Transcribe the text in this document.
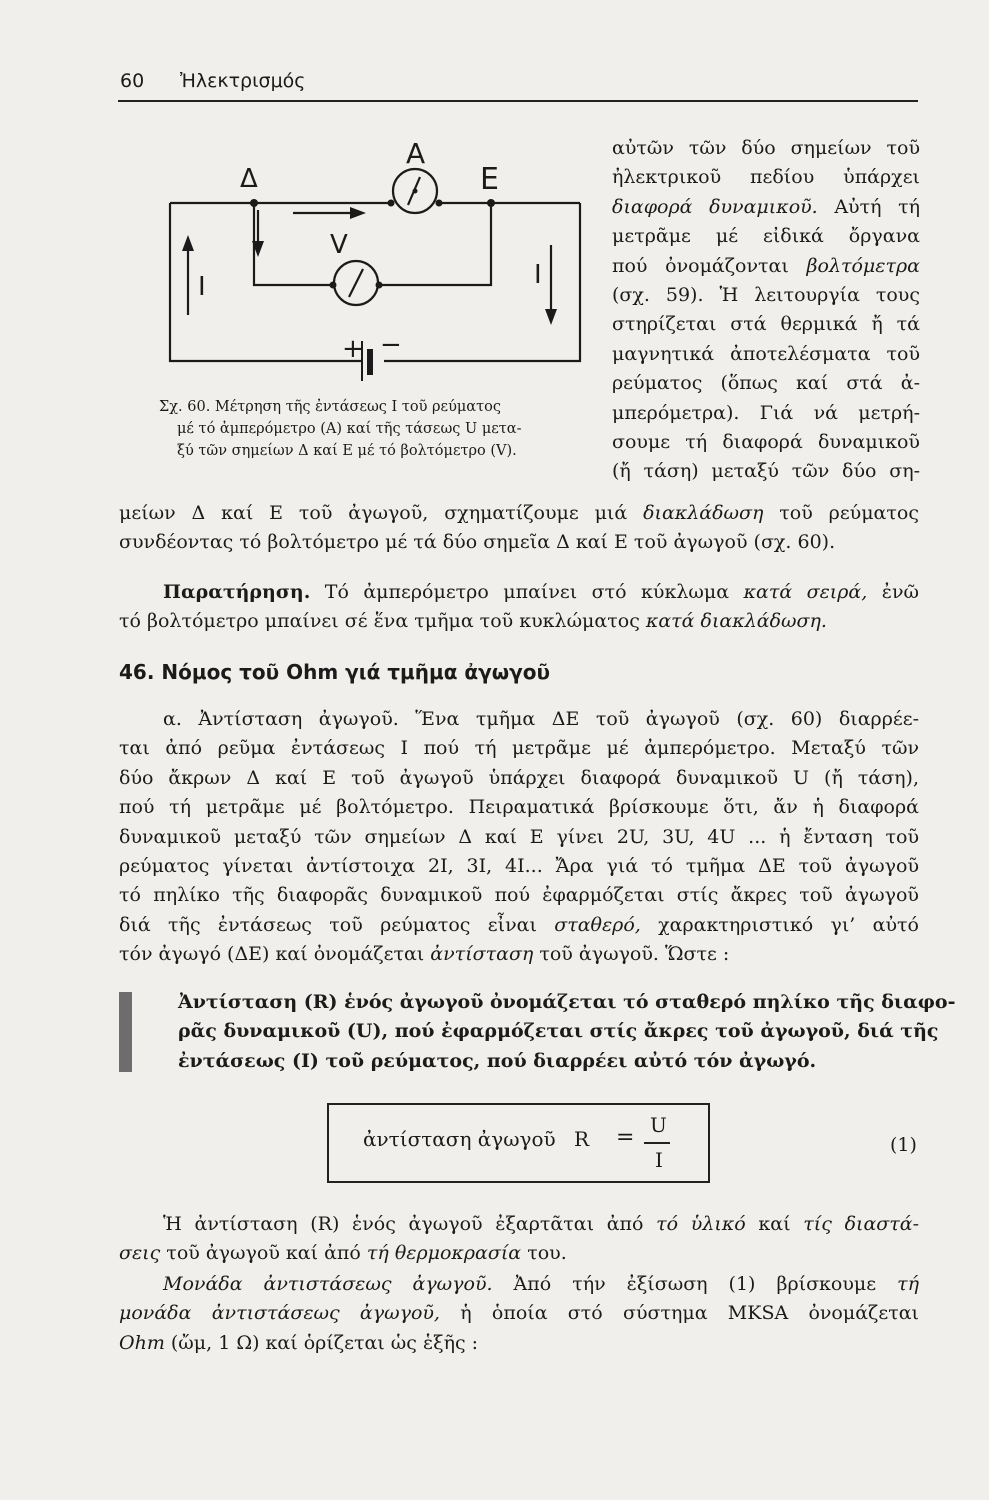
60 Ἠλεκτρισμός
Δ
A
Ε
V
I	I
+ −
Σχ. 60. Μέτρηση τῆς ἐντάσεως I τοῦ ρεύματος
μέ τό ἀμπερόμετρο (A) καί τῆς τάσεως U μετα-
ξύ τῶν σημείων Δ καί Ε μέ τό βολτόμετρο (V).
αὐτῶν τῶν δύο σημείων τοῦ
ἠλεκτρικοῦ πεδίου ὑπάρχει
διαφορά δυναμικοῦ. Αὐτή τή
μετρᾶμε μέ εἰδικά ὄργανα
πού ὀνομάζονται βολτόμετρα
(σχ. 59). Ἡ λειτουργία τους
στηρίζεται στά θερμικά ἤ τά
μαγνητικά ἀποτελέσματα τοῦ
ρεύματος (ὅπως καί στά ἀ-
μπερόμετρα). Γιά νά μετρή-
σουμε τή διαφορά δυναμικοῦ
(ἤ τάση) μεταξύ τῶν δύο ση-
μείων Δ καί Ε τοῦ ἀγωγοῦ, σχηματίζουμε μιά διακλάδωση τοῦ ρεύματος
συνδέοντας τό βολτόμετρο μέ τά δύο σημεῖα Δ καί Ε τοῦ ἀγωγοῦ (σχ. 60).
Παρατήρηση. Τό ἀμπερόμετρο μπαίνει στό κύκλωμα κατά σειρά, ἐνῶ
τό βολτόμετρο μπαίνει σέ ἕνα τμῆμα τοῦ κυκλώματος κατά διακλάδωση.
46. Νόμος τοῦ Ohm γιά τμῆμα ἀγωγοῦ
α. Ἀντίσταση ἀγωγοῦ. Ἕνα τμῆμα ΔΕ τοῦ ἀγωγοῦ (σχ. 60) διαρρέε-
ται ἀπό ρεῦμα ἐντάσεως I πού τή μετρᾶμε μέ ἀμπερόμετρο. Μεταξύ τῶν
δύο ἄκρων Δ καί Ε τοῦ ἀγωγοῦ ὑπάρχει διαφορά δυναμικοῦ U (ἤ τάση),
πού τή μετρᾶμε μέ βολτόμετρο. Πειραματικά βρίσκουμε ὅτι, ἄν ἡ διαφορά
δυναμικοῦ μεταξύ τῶν σημείων Δ καί Ε γίνει 2U, 3U, 4U ... ἡ ἔνταση τοῦ
ρεύματος γίνεται ἀντίστοιχα 2I, 3I, 4I... Ἄρα γιά τό τμῆμα ΔΕ τοῦ ἀγωγοῦ
τό πηλίκο τῆς διαφορᾶς δυναμικοῦ πού ἐφαρμόζεται στίς ἄκρες τοῦ ἀγωγοῦ
διά τῆς ἐντάσεως τοῦ ρεύματος εἶναι σταθερό, χαρακτηριστικό γι’ αὐτό
τόν ἀγωγό (ΔΕ) καί ὀνομάζεται ἀντίσταση τοῦ ἀγωγοῦ. Ὥστε :
Ἀντίσταση (R) ἑνός ἀγωγοῦ ὀνομάζεται τό σταθερό πηλίκο τῆς διαφο-
ρᾶς δυναμικοῦ (U), πού ἐφαρμόζεται στίς ἄκρες τοῦ ἀγωγοῦ, διά τῆς
ἐντάσεως (I) τοῦ ρεύματος, πού διαρρέει αὐτό τόν ἀγωγό.
ἀντίσταση ἀγωγοῦ R = U
I
(1)
Ἡ ἀντίσταση (R) ἑνός ἀγωγοῦ ἐξαρτᾶται ἀπό τό ὑλικό καί τίς διαστά-
σεις τοῦ ἀγωγοῦ καί ἀπό τή θερμοκρασία του.
Μονάδα ἀντιστάσεως ἀγωγοῦ. Ἀπό τήν ἐξίσωση (1) βρίσκουμε τή
μονάδα ἀντιστάσεως ἀγωγοῦ, ἡ ὁποία στό σύστημα MKSA ὀνομάζεται
Ohm (ὤμ, 1 Ω) καί ὁρίζεται ὡς ἑξῆς :
